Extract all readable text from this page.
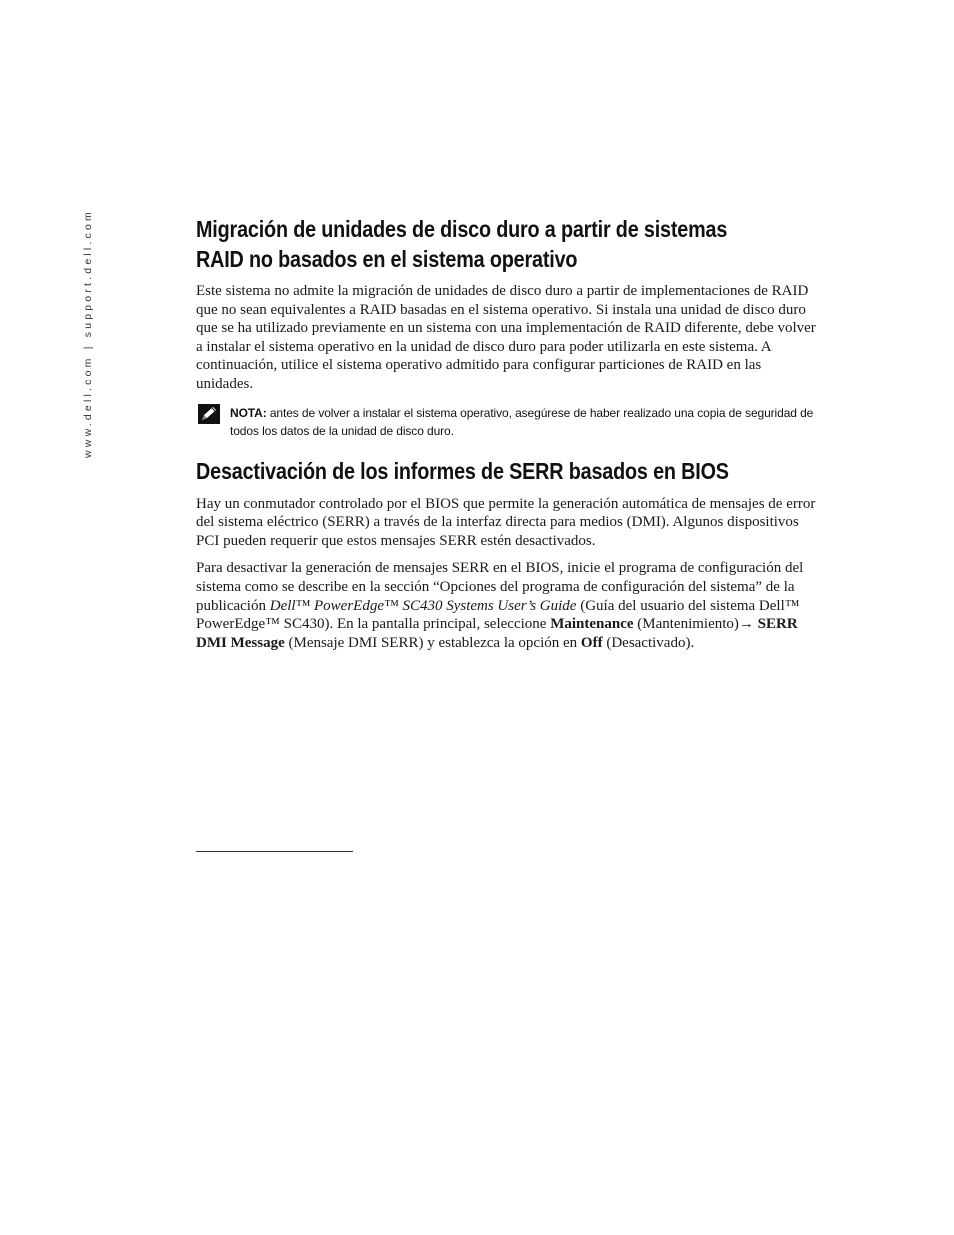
www.dell.com | support.dell.com	Migración de unidades de disco duro a partir de sistemas
RAID no basados en el sistema operativo

Este sistema no admite la migración de unidades de disco duro a partir de implementaciones de RAID que no sean equivalentes a RAID basadas en el sistema operativo. Si instala una unidad de disco duro que se ha utilizado previamente en un sistema con una implementación de RAID diferente, debe volver a instalar el sistema operativo en la unidad de disco duro para poder utilizarla en este sistema. A continuación, utilice el sistema operativo admitido para configurar particiones de RAID en las unidades.

NOTA: antes de volver a instalar el sistema operativo, asegúrese de haber realizado una copia de seguridad de todos los datos de la unidad de disco duro.
Desactivación de los informes de SERR basados en BIOS

Hay un conmutador controlado por el BIOS que permite la generación automática de mensajes de error del sistema eléctrico (SERR) a través de la interfaz directa para medios (DMI). Algunos dispositivos PCI pueden requerir que estos mensajes SERR estén desactivados.

Para desactivar la generación de mensajes SERR en el BIOS, inicie el programa de configuración del sistema como se describe en la sección “Opciones del programa de configuración del sistema” de la publicación Dell™ PowerEdge™ SC430 Systems User’s Guide (Guía del usuario del sistema Dell™ PowerEdge™ SC430). En la pantalla principal, seleccione Maintenance (Mantenimiento)→ SERR DMI Message (Mensaje DMI SERR) y establezca la opción en Off (Desactivado).
